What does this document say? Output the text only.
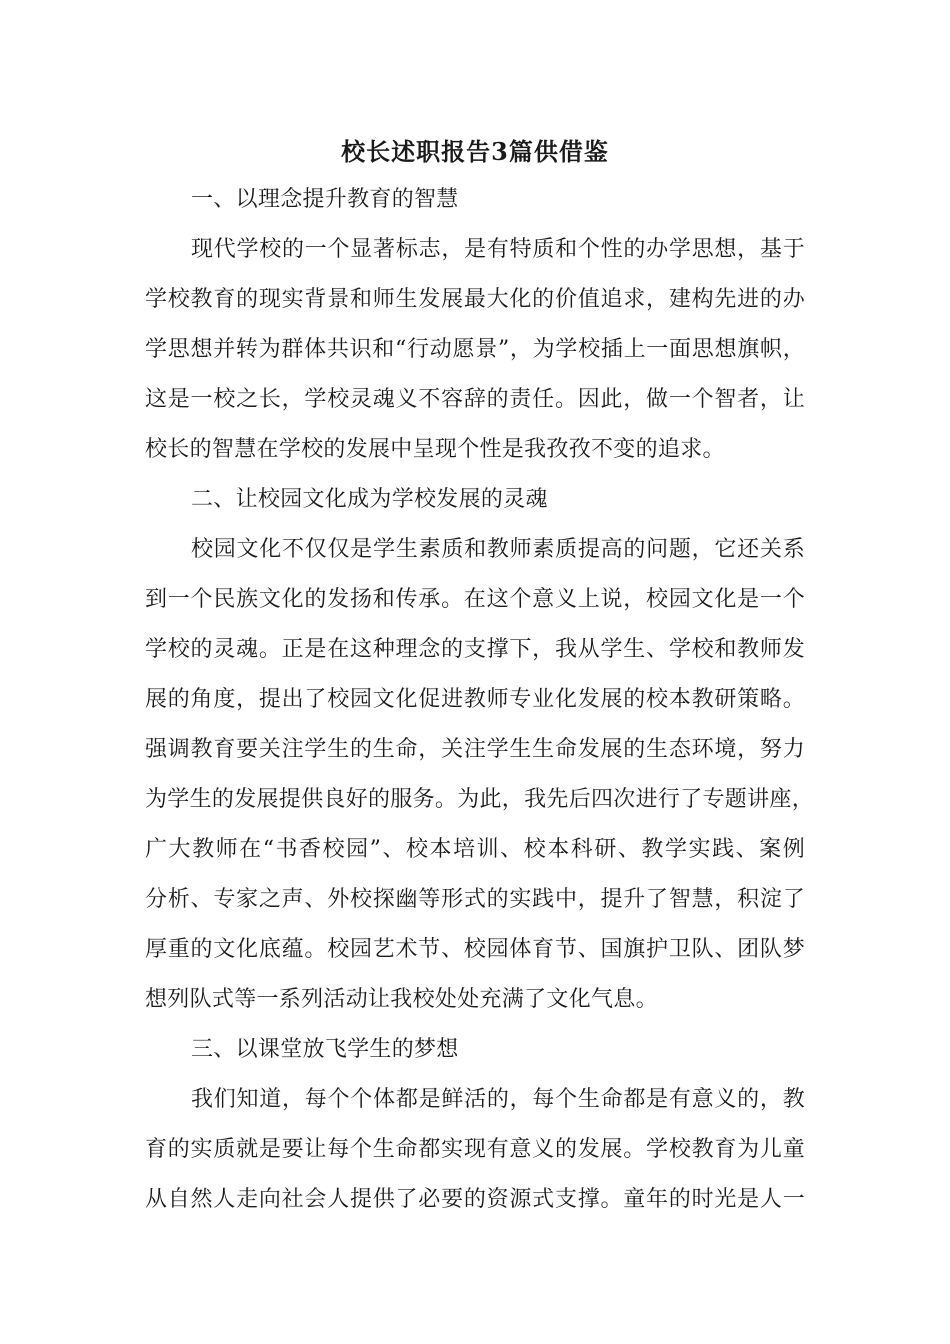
校长述职报告3篇供借鉴
一、以理念提升教育的智慧
现代学校的一个显著标志，是有特质和个性的办学思想，基于
学校教育的现实背景和师生发展最大化的价值追求，建构先进的办
学思想并转为群体共识和“行动愿景”，为学校插上一面思想旗帜，
这是一校之长，学校灵魂义不容辞的责任。因此，做一个智者，让
校长的智慧在学校的发展中呈现个性是我孜孜不变的追求。
二、让校园文化成为学校发展的灵魂
校园文化不仅仅是学生素质和教师素质提高的问题，它还关系
到一个民族文化的发扬和传承。在这个意义上说，校园文化是一个
学校的灵魂。正是在这种理念的支撑下，我从学生、学校和教师发
展的角度，提出了校园文化促进教师专业化发展的校本教研策略。
强调教育要关注学生的生命，关注学生生命发展的生态环境，努力
为学生的发展提供良好的服务。为此，我先后四次进行了专题讲座，
广大教师在“书香校园”、校本培训、校本科研、教学实践、案例
分析、专家之声、外校探幽等形式的实践中，提升了智慧，积淀了
厚重的文化底蕴。校园艺术节、校园体育节、国旗护卫队、团队梦
想列队式等一系列活动让我校处处充满了文化气息。
三、以课堂放飞学生的梦想
我们知道，每个个体都是鲜活的，每个生命都是有意义的，教
育的实质就是要让每个生命都实现有意义的发展。学校教育为儿童
从自然人走向社会人提供了必要的资源式支撑。童年的时光是人一
